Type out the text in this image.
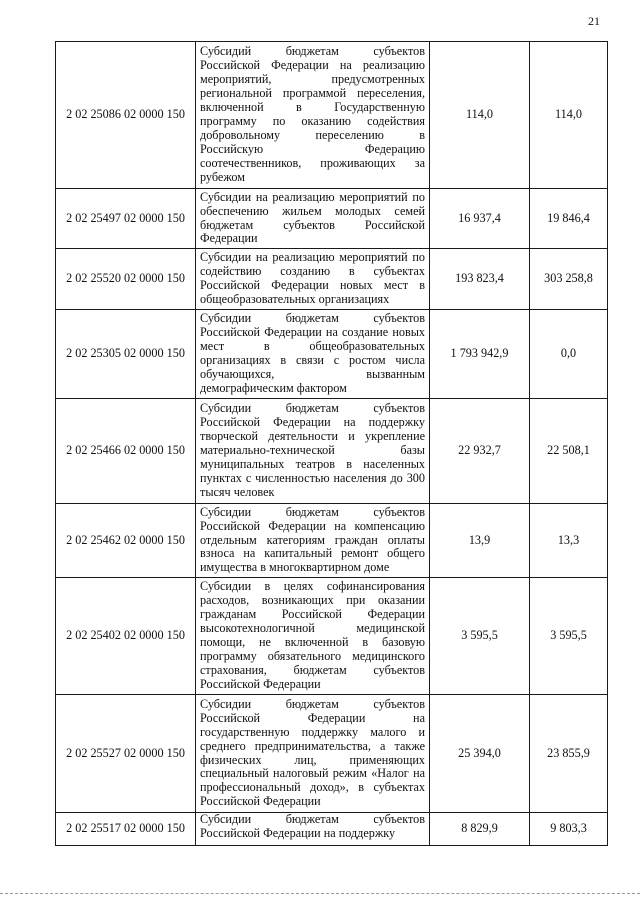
21
2 02 25086 02 0000 150	Субсидий бюджетам субъектов Российской Федерации на реализацию мероприятий, предусмотренных региональной программой переселения, включенной в Государственную программу по оказанию содействия добровольному переселению в Российскую Федерацию соотечественников, проживающих за рубежом	114,0	114,0
2 02 25497 02 0000 150	Субсидии на реализацию мероприятий по обеспечению жильем молодых семей бюджетам субъектов Российской Федерации	16 937,4	19 846,4
2 02 25520 02 0000 150	Субсидии на реализацию мероприятий по содействию созданию в субъектах Российской Федерации новых мест в общеобразовательных организациях	193 823,4	303 258,8
2 02 25305 02 0000 150	Субсидии бюджетам субъектов Российской Федерации на создание новых мест в общеобразовательных организациях в связи с ростом числа обучающихся, вызванным демографическим фактором	1 793 942,9	0,0
2 02 25466 02 0000 150	Субсидии бюджетам субъектов Российской Федерации на поддержку творческой деятельности и укрепление материально-технической базы муниципальных театров в населенных пунктах с численностью населения до 300 тысяч человек	22 932,7	22 508,1
2 02 25462 02 0000 150	Субсидии бюджетам субъектов Российской Федерации на компенсацию отдельным категориям граждан оплаты взноса на капитальный ремонт общего имущества в многоквартирном доме	13,9	13,3
2 02 25402 02 0000 150	Субсидии в целях софинансирования расходов, возникающих при оказании гражданам Российской Федерации высокотехнологичной медицинской помощи, не включенной в базовую программу обязательного медицинского страхования, бюджетам субъектов Российской Федерации	3 595,5	3 595,5
2 02 25527 02 0000 150	Субсидии бюджетам субъектов Российской Федерации на государственную поддержку малого и среднего предпринимательства, а также физических лиц, применяющих специальный налоговый режим «Налог на профессиональный доход», в субъектах Российской Федерации	25 394,0	23 855,9
2 02 25517 02 0000 150	Субсидии бюджетам субъектов Российской Федерации на поддержку	8 829,9	9 803,3
